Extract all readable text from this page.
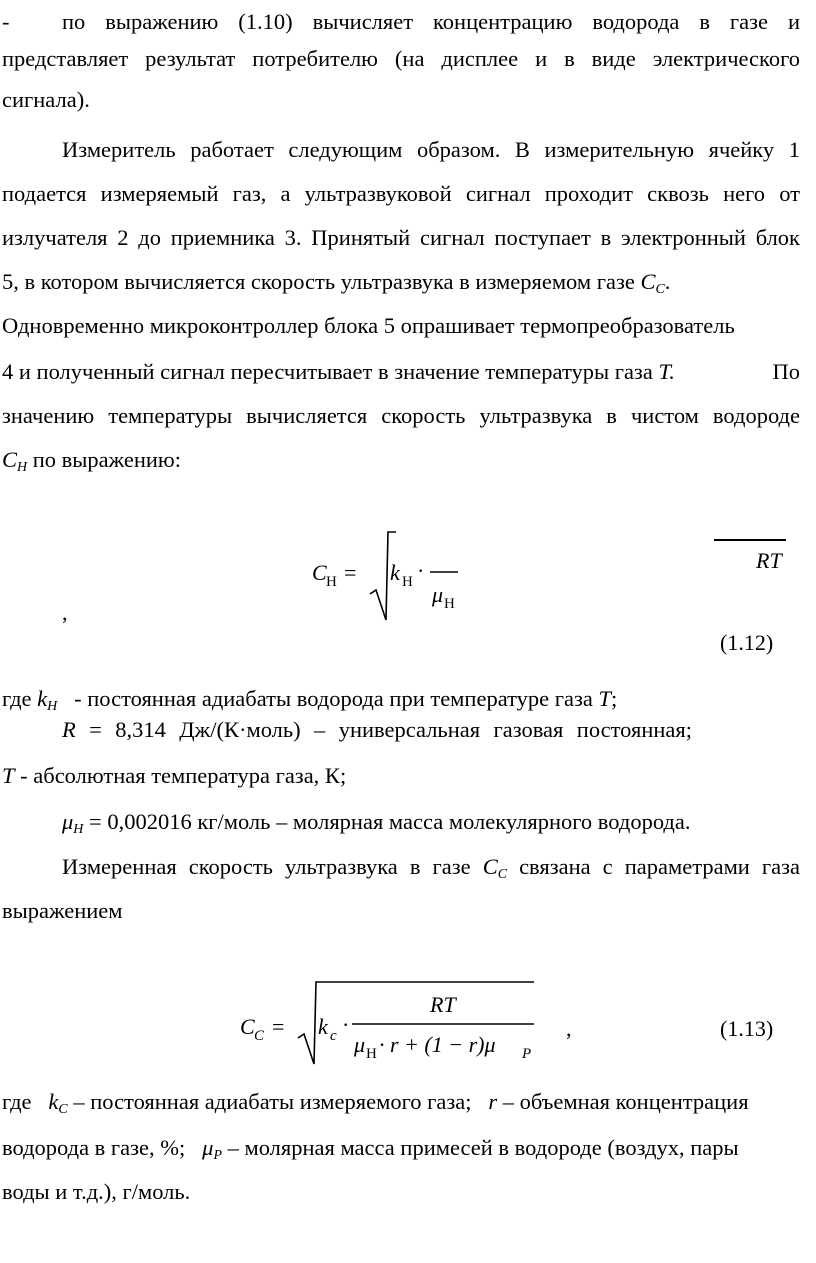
- по выражению (1.10) вычисляет концентрацию водорода в газе и
представляет результат потребителю (на дисплее и в виде электрического
сигнала).
Измеритель работает следующим образом. В измерительную ячейку 1
подается измеряемый газ, а ультразвуковой сигнал проходит сквозь него от
излучателя 2 до приемника 3. Принятый сигнал поступает в электронный блок
5, в котором вычисляется скорость ультразвука в измеряемом газе $C_C$.
Одновременно микроконтроллер блока 5 опрашивает термопреобразователь
4 и полученный сигнал пересчитывает в значение температуры газа T.	По
значению температуры вычисляется скорость ультразвука в чистом водороде
$C_H$ по выражению:
C Н = k Н ·
μ Н
RT
,
(1.12)
где $k_H$ - постоянная адиабаты водорода при температуре газа T;
R = 8,314 Дж/(К·моль) – универсальная газовая постоянная;
T - абсолютная температура газа, К;
$\mu_H = 0,002016$ кг/моль – молярная масса молекулярного водорода.
Измеренная скорость ультразвука в газе $C_C$ связана с параметрами газа
выражением
C C = k c ·
RT
μ Н · r + (1 − r)μ P
,	(1.13)
где $k_C$ – постоянная адиабаты измеряемого газа; r – объемная концентрация
водорода в газе, %; $\mu_P$ – молярная масса примесей в водороде (воздух, пары
воды и т.д.), г/моль.
